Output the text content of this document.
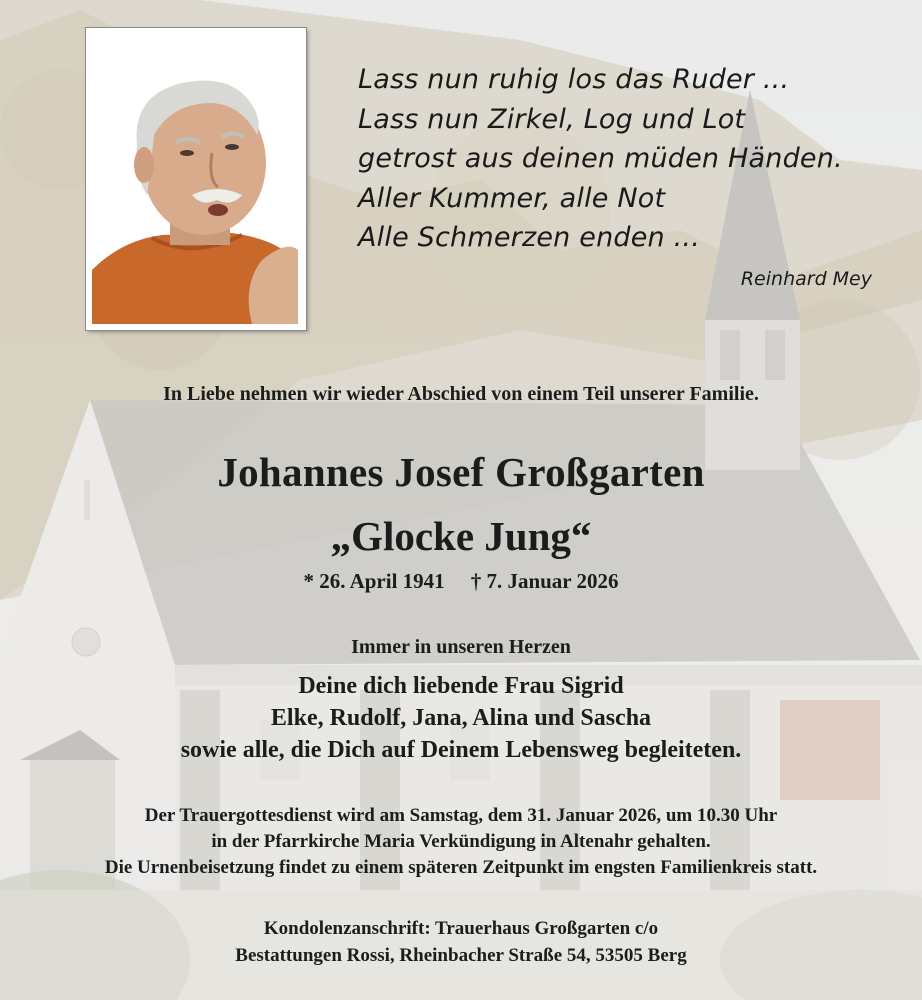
Lass nun ruhig los das Ruder ...
Lass nun Zirkel, Log und Lot
getrost aus deinen müden Händen.
Aller Kummer, alle Not
Alle Schmerzen enden ...
Reinhard Mey
In Liebe nehmen wir wieder Abschied von einem Teil unserer Familie.
Johannes Josef Großgarten
„Glocke Jung“
* 26. April 1941 † 7. Januar 2026
Immer in unseren Herzen
Deine dich liebende Frau Sigrid
Elke, Rudolf, Jana, Alina und Sascha
sowie alle, die Dich auf Deinem Lebensweg begleiteten.
Der Trauergottesdienst wird am Samstag, dem 31. Januar 2026, um 10.30 Uhr
in der Pfarrkirche Maria Verkündigung in Altenahr gehalten.
Die Urnenbeisetzung findet zu einem späteren Zeitpunkt im engsten Familienkreis statt.
Kondolenzanschrift: Trauerhaus Großgarten c/o
Bestattungen Rossi, Rheinbacher Straße 54, 53505 Berg
